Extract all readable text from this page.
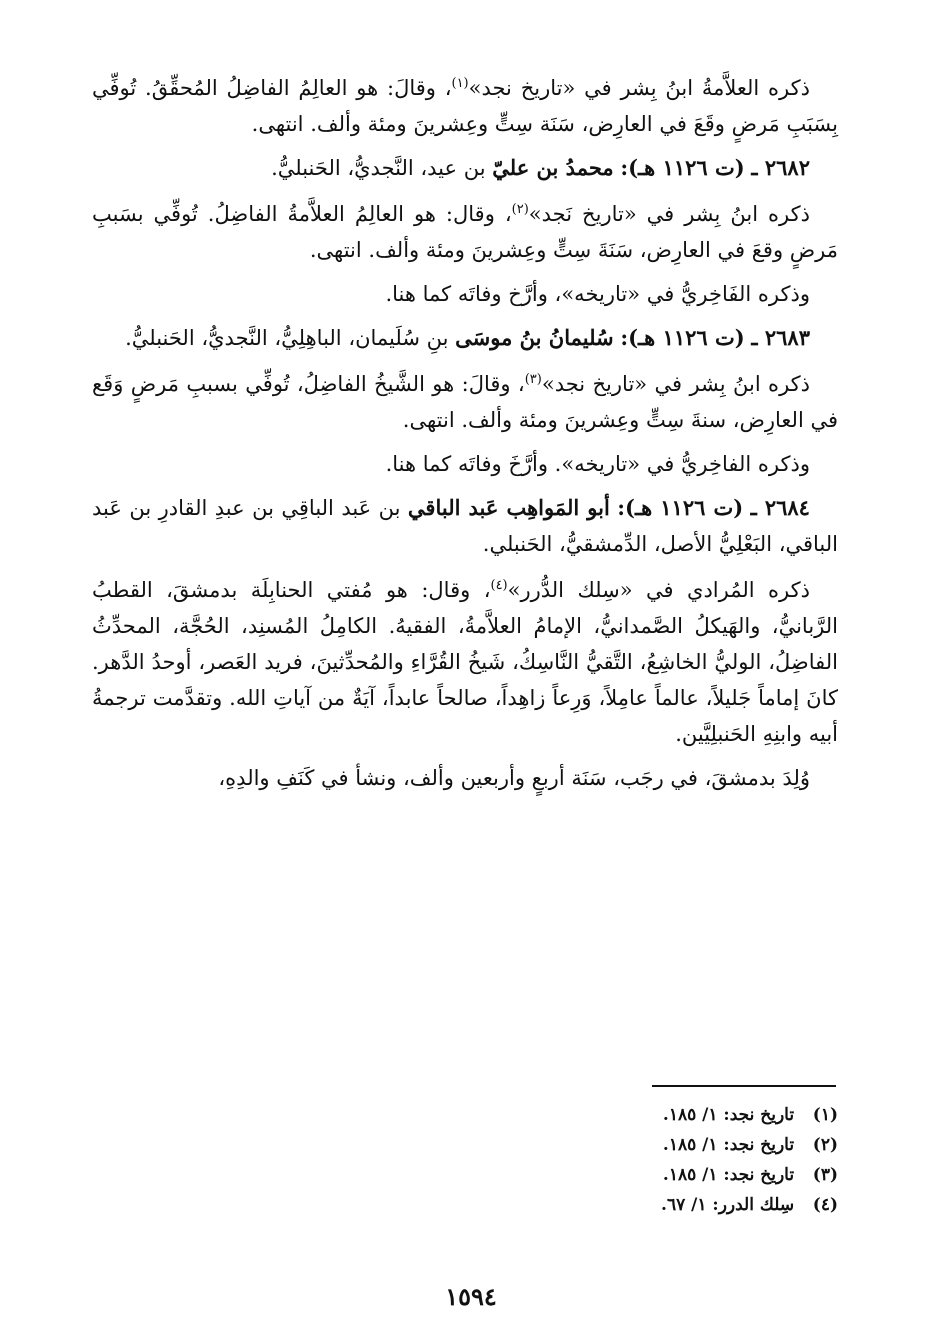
ذكره العلاَّمةُ ابنُ بِشر في «تاريخ نجد»$^{(١)}$، وقالَ: هو العالِمُ الفاضِلُ المُحقِّقُ. تُوفِّي بِسَبَبِ مَرضٍ وقَعَ في العارِض، سَنَة سِتٍّ وعِشرينَ ومئة وألف. انتهى.

٢٦٨٢ ـ (ت ١١٢٦ هـ): محمدُ بن عليّ بن عيد، النَّجديُّ، الحَنبليُّ.

ذكره ابنُ بِشر في «تاريخ نَجد»$^{(٢)}$، وقال: هو العالِمُ العلاَّمةُ الفاضِلُ. تُوفِّي بسَببِ مَرضٍ وقعَ في العارِض، سَنَةَ سِتٍّ وعِشرينَ ومئة وألف. انتهى.

وذكره الفَاخِريُّ في «تاريخه»، وأرَّخ وفاتَه كما هنا.

٢٦٨٣ ـ (ت ١١٢٦ هـ): سُليمانُ بنُ موسَى بنِ سُلَيمان، الباهِلِيُّ، النَّجديُّ، الحَنبليُّ.

ذكره ابنُ بِشر في «تاريخ نجد»$^{(٣)}$، وقالَ: هو الشَّيخُ الفاضِلُ، تُوفِّي بسببِ مَرضٍ وَقَع في العارِض، سنةَ سِتٍّ وعِشرينَ ومئة وألف. انتهى.

وذكره الفاخِريُّ في «تاريخه». وأرَّخَ وفاتَه كما هنا.

٢٦٨٤ ـ (ت ١١٢٦ هـ): أبو المَواهِب عَبد الباقي بن عَبد الباقِي بن عبدِ القادرِ بن عَبد الباقي، البَعْلِيُّ الأصل، الدِّمشقيُّ، الحَنبلي.

ذكره المُرادي في «سِلك الدُّرر»$^{(٤)}$، وقال: هو مُفتي الحنابِلَة بدمشقَ، القطبُ الرَّبانيُّ، والهَيكلُ الصَّمدانيُّ، الإمامُ العلاَّمةُ، الفقيهُ. الكامِلُ المُسنِد، الحُجَّة، المحدِّثُ الفاضِلُ، الوليُّ الخاشِعُ، التَّقيُّ النَّاسِكُ، شَيخُ القُرَّاءِ والمُحدِّثينَ، فريد العَصر، أوحدُ الدَّهر. كانَ إماماً جَليلاً، عالماً عامِلاً، وَرِعاً زاهِداً، صالحاً عابداً، آيَةٌ من آياتِ الله. وتقدَّمت ترجمةُ أبيه وابنِهِ الحَنبلِيَّين.

وُلِدَ بدمشقَ، في رجَب، سَنَة أربعٍ وأربعين وألف، ونشأ في كَنَفِ والدِهِ،

(١) تاريخ نجد: ١/ ١٨٥.

(٢) تاريخ نجد: ١/ ١٨٥.

(٣) تاريخ نجد: ١/ ١٨٥.

(٤) سِلك الدرر: ١/ ٦٧.

١٥٩٤
